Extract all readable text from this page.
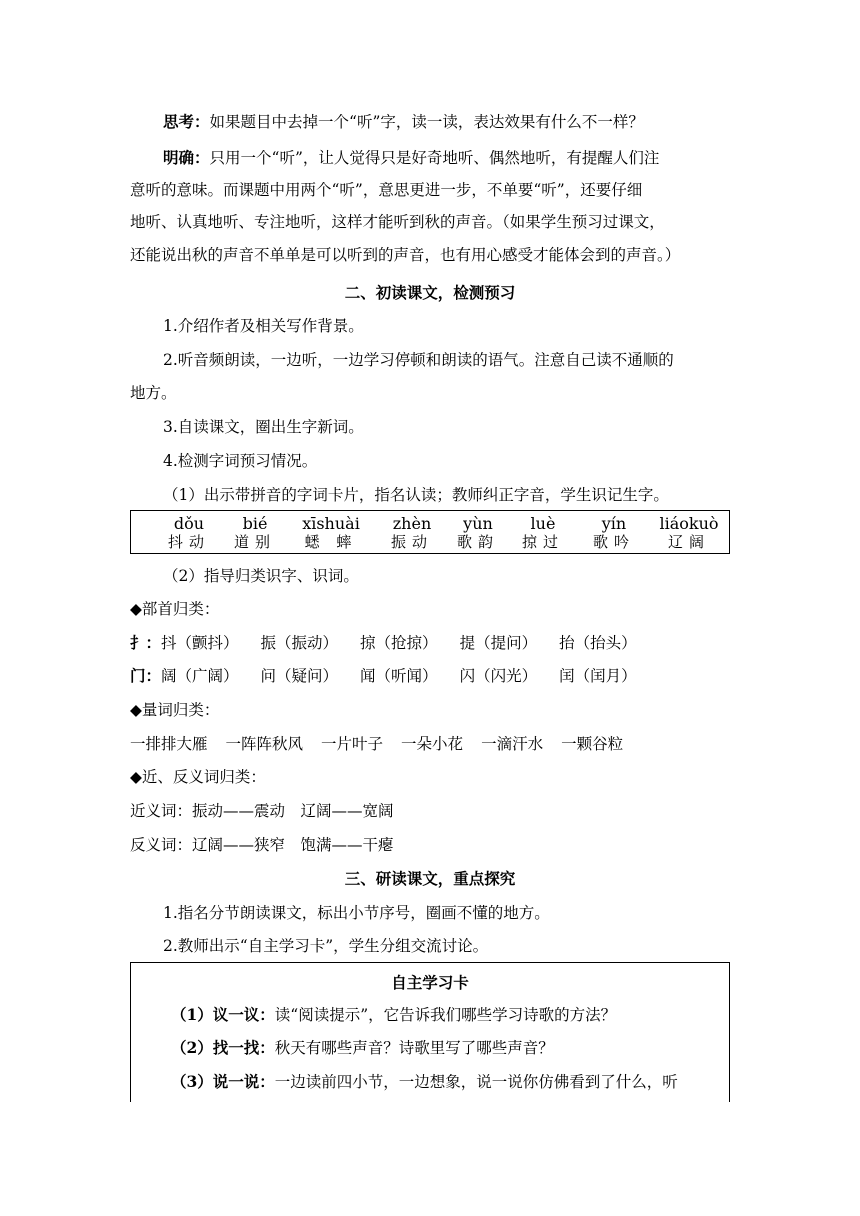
思考：如果题目中去掉一个“听”字，读一读，表达效果有什么不一样？
明确：只用一个“听”，让人觉得只是好奇地听、偶然地听，有提醒人们注
意听的意味。而课题中用两个“听”，意思更进一步，不单要“听”，还要仔细
地听、认真地听、专注地听，这样才能听到秋的声音。（如果学生预习过课文，
还能说出秋的声音不单单是可以听到的声音，也有用心感受才能体会到的声音。）
二、初读课文，检测预习
1.介绍作者及相关写作背景。
2.听音频朗读，一边听，一边学习停顿和朗读的语气。注意自己读不通顺的
地方。
3.自读课文，圈出生字新词。
4.检测字词预习情况。
（1）出示带拼音的字词卡片，指名认读；教师纠正字音，学生识记生字。
dǒu
抖动
bié
道别
xīshuài
蟋 蟀
zhèn
振动
yùn
歌韵
luè
掠过
yín
歌吟
liáokuò
辽阔
（2）指导归类识字、识词。
◆部首归类：
扌：抖（颤抖） 振（振动） 掠（抢掠） 提（提问） 抬（抬头）
门：阔（广阔） 问（疑问） 闻（听闻） 闪（闪光） 闰（闰月）
◆量词归类：
一排排大雁 一阵阵秋风 一片叶子 一朵小花 一滴汗水 一颗谷粒
◆近、反义词归类：
近义词：振动——震动　辽阔——宽阔
反义词：辽阔——狭窄　饱满——干瘪
三、研读课文，重点探究
1.指名分节朗读课文，标出小节序号，圈画不懂的地方。
2.教师出示“自主学习卡”，学生分组交流讨论。
自主学习卡
（1）议一议：读“阅读提示”，它告诉我们哪些学习诗歌的方法？
（2）找一找：秋天有哪些声音？诗歌里写了哪些声音？
（3）说一说：一边读前四小节，一边想象，说一说你仿佛看到了什么，听
